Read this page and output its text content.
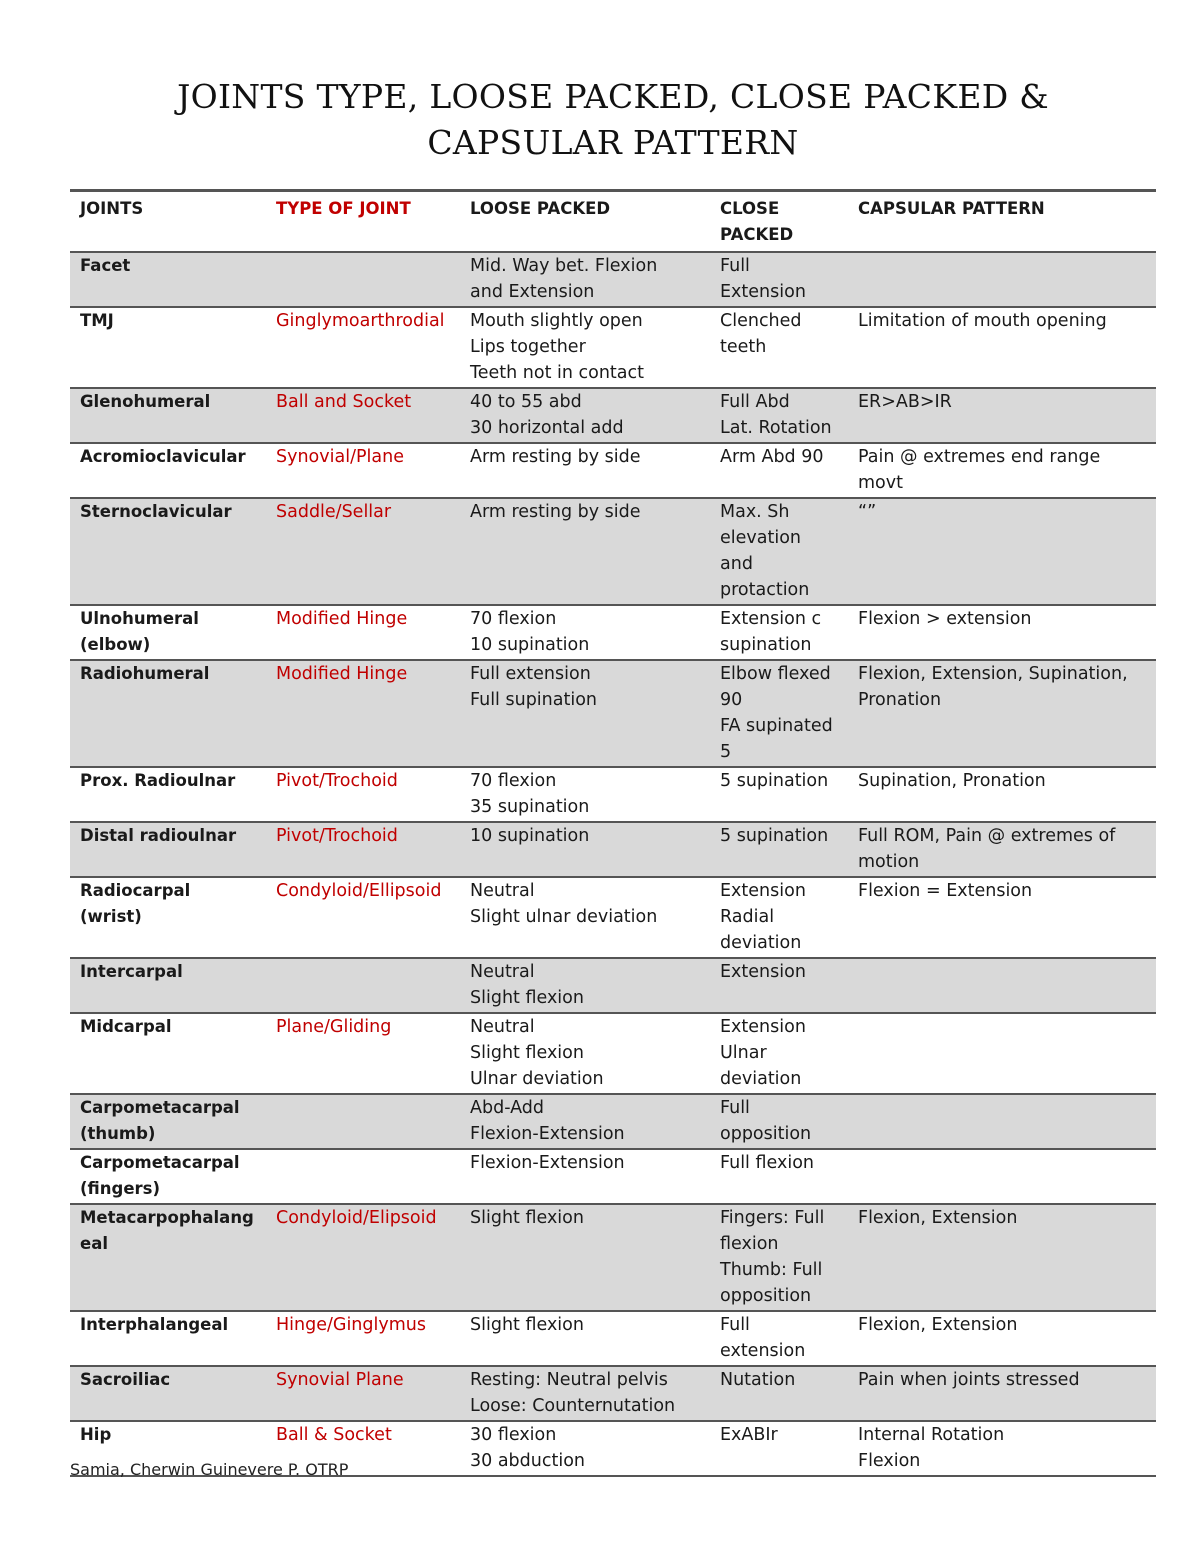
JOINTS TYPE, LOOSE PACKED, CLOSE PACKED &
CAPSULAR PATTERN
JOINTS	TYPE OF JOINT	LOOSE PACKED	CLOSE
PACKED	CAPSULAR PATTERN

Facet		Mid. Way bet. Flexion
and Extension	Full
Extension	

TMJ	Ginglymoarthrodial	Mouth slightly open
Lips together
Teeth not in contact	Clenched
teeth	Limitation of mouth opening

Glenohumeral	Ball and Socket	40 to 55 abd
30 horizontal add	Full Abd
Lat. Rotation	ER>AB>IR

Acromioclavicular	Synovial/Plane	Arm resting by side	Arm Abd 90	Pain @ extremes end range
movt

Sternoclavicular	Saddle/Sellar	Arm resting by side	Max. Sh
elevation
and
protaction	“”

Ulnohumeral
(elbow)	Modified Hinge	70 flexion
10 supination	Extension c
supination	Flexion > extension

Radiohumeral	Modified Hinge	Full extension
Full supination	Elbow flexed
90
FA supinated
5	Flexion, Extension, Supination,
Pronation

Prox. Radioulnar	Pivot/Trochoid	70 flexion
35 supination	5 supination	Supination, Pronation

Distal radioulnar	Pivot/Trochoid	10 supination	5 supination	Full ROM, Pain @ extremes of
motion

Radiocarpal (wrist)	Condyloid/Ellipsoid	Neutral
Slight ulnar deviation	Extension
Radial
deviation	Flexion = Extension

Intercarpal		Neutral
Slight flexion	Extension	

Midcarpal	Plane/Gliding	Neutral
Slight flexion
Ulnar deviation	Extension
Ulnar
deviation	

Carpometacarpal
(thumb)		Abd-Add
Flexion-Extension	Full
opposition	

Carpometacarpal
(fingers)		Flexion-Extension	Full flexion	

Metacarpophalang
eal	Condyloid/Elipsoid	Slight flexion	Fingers: Full
flexion
Thumb: Full
opposition	Flexion, Extension

Interphalangeal	Hinge/Ginglymus	Slight flexion	Full
extension	Flexion, Extension

Sacroiliac	Synovial Plane	Resting: Neutral pelvis
Loose: Counternutation	Nutation	Pain when joints stressed

Hip	Ball & Socket	30 flexion
30 abduction	ExABIr	Internal Rotation
Flexion
Samia, Cherwin Guinevere P. OTRP
